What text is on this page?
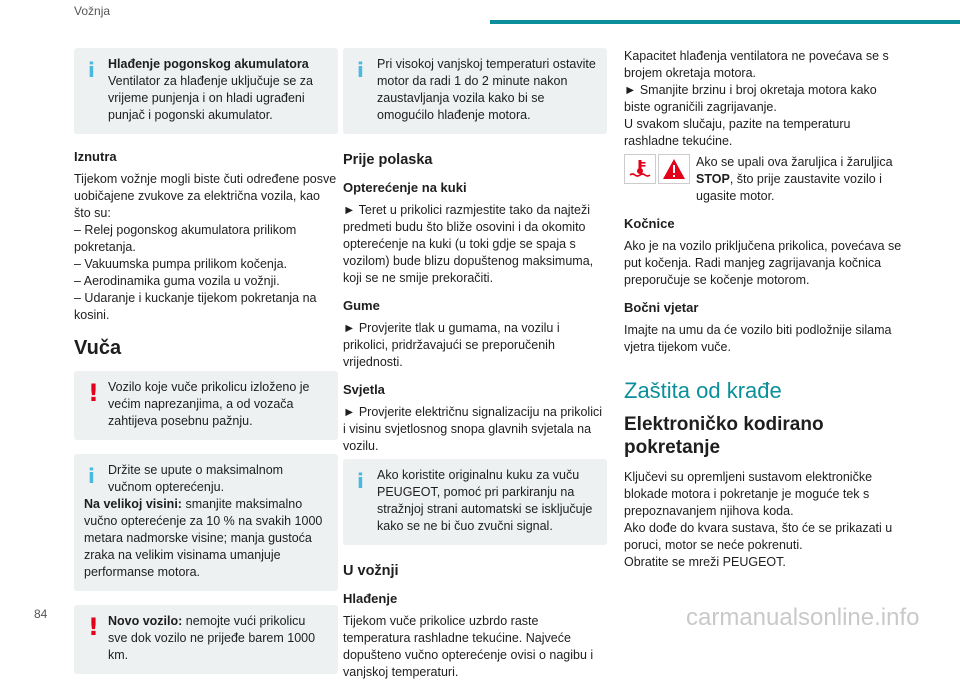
Vožnja
i	Hlađenje pogonskog akumulatora
Ventilator za hlađenje uključuje se za vrijeme punjenja i on hladi ugrađeni punjač i pogonski akumulator.
Iznutra
Tijekom vožnje mogli biste čuti određene posve uobičajene zvukove za električna vozila, kao što su:
– Relej pogonskog akumulatora prilikom pokretanja.
– Vakuumska pumpa prilikom kočenja.
– Aerodinamika guma vozila u vožnji.
– Udaranje i kuckanje tijekom pokretanja na kosini.
Vuča
! Vozilo koje vuče prikolicu izloženo je većim naprezanjima, a od vozača zahtijeva posebnu pažnju.
i	Držite se upute o maksimalnom vučnom opterećenju.
Na velikoj visini: smanjite maksimalno vučno opterećenje za 10 % na svakih 1000 metara nadmorske visine; manja gustoća zraka na velikim visinama umanjuje performanse motora.
! Novo vozilo: nemojte vući prikolicu sve dok vozilo ne prijeđe barem 1000 km.
i	Pri visokoj vanjskoj temperaturi ostavite motor da radi 1 do 2 minute nakon zaustavljanja vozila kako bi se omogućilo hlađenje motora.
Prije polaska
Opterećenje na kuki
► Teret u prikolici razmjestite tako da najteži predmeti budu što bliže osovini i da okomito opterećenje na kuki (u toki gdje se spaja s vozilom) bude blizu dopuštenog maksimuma, koji se ne smije prekoračiti.
Gume
► Provjerite tlak u gumama, na vozilu i prikolici, pridržavajući se preporučenih vrijednosti.
Svjetla
► Provjerite električnu signalizaciju na prikolici i visinu svjetlosnog snopa glavnih svjetala na vozilu.
i	Ako koristite originalnu kuku za vuču PEUGEOT, pomoć pri parkiranju na stražnjoj strani automatski se isključuje kako se ne bi čuo zvučni signal.
U vožnji
Hlađenje
Tijekom vuče prikolice uzbrdo raste temperatura rashladne tekućine. Najveće dopušteno vučno opterećenje ovisi o nagibu i vanjskoj temperaturi.
Kapacitet hlađenja ventilatora ne povećava se s brojem okretaja motora.
► Smanjite brzinu i broj okretaja motora kako biste ograničili zagrijavanje.
U svakom slučaju, pazite na temperaturu rashladne tekućine.
Ako se upali ova žaruljica i žaruljica STOP, što prije zaustavite vozilo i ugasite motor.
Kočnice
Ako je na vozilo priključena prikolica, povećava se put kočenja. Radi manjeg zagrijavanja kočnica preporučuje se kočenje motorom.
Bočni vjetar
Imajte na umu da će vozilo biti podložnije silama vjetra tijekom vuče.
Zaštita od krađe
Elektroničko kodirano pokretanje
Ključevi su opremljeni sustavom elektroničke blokade motora i pokretanje je moguće tek s prepoznavanjem njihova koda.
Ako dođe do kvara sustava, što će se prikazati u poruci, motor se neće pokrenuti.
Obratite se mreži PEUGEOT.
84	carmanualsonline.info
